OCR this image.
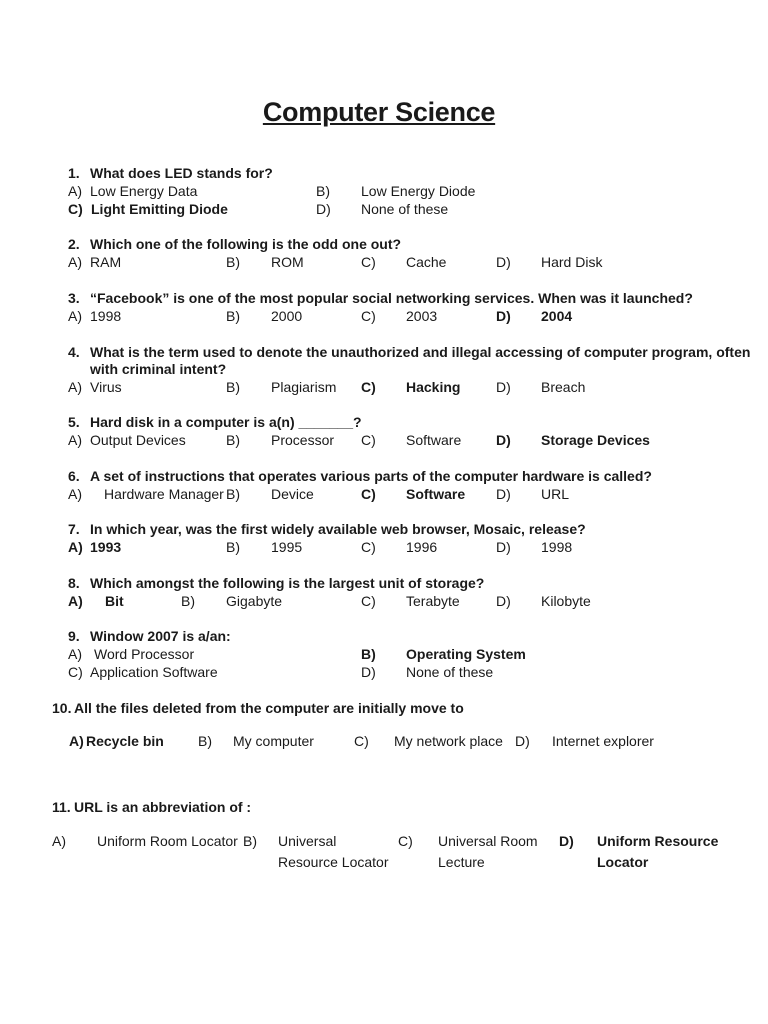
Computer Science
1. What does LED stands for?
A) Low Energy Data	B) Low Energy Diode
C) Light Emitting Diode	D) None of these
2. Which one of the following is the odd one out?
A) RAM	B) ROM	C) Cache	D) Hard Disk
3. “Facebook” is one of the most popular social networking services. When was it launched?
A) 1998	B) 2000	C) 2003	D) 2004
4. What is the term used to denote the unauthorized and illegal accessing of computer program, often
with criminal intent?
A) Virus	B) Plagiarism C) Hacking	D) Breach
5. Hard disk in a computer is a(n) _______?
A) Output Devices	B) Processor C) Software D) Storage Devices
6. A set of instructions that operates various parts of the computer hardware is called?
A) Hardware Manager B) Device	C) Software D) URL
7. In which year, was the first widely available web browser, Mosaic, release?
A) 1993	B) 1995	C) 1996	D) 1998
8. Which amongst the following is the largest unit of storage?
A) Bit	B) Gigabyte	C) Terabyte	D) Kilobyte
9. Window 2007 is a/an:
A) Word Processor	B) Operating System
C) Application Software	D) None of these
10. All the files deleted from the computer are initially move to
A) Recycle bin B) My computer	C) My network place D) Internet explorer
11. URL is an abbreviation of :
A) Uniform Room Locator B) Universal
Resource Locator
C) Universal Room
Lecture
D) Uniform Resource
Locator
